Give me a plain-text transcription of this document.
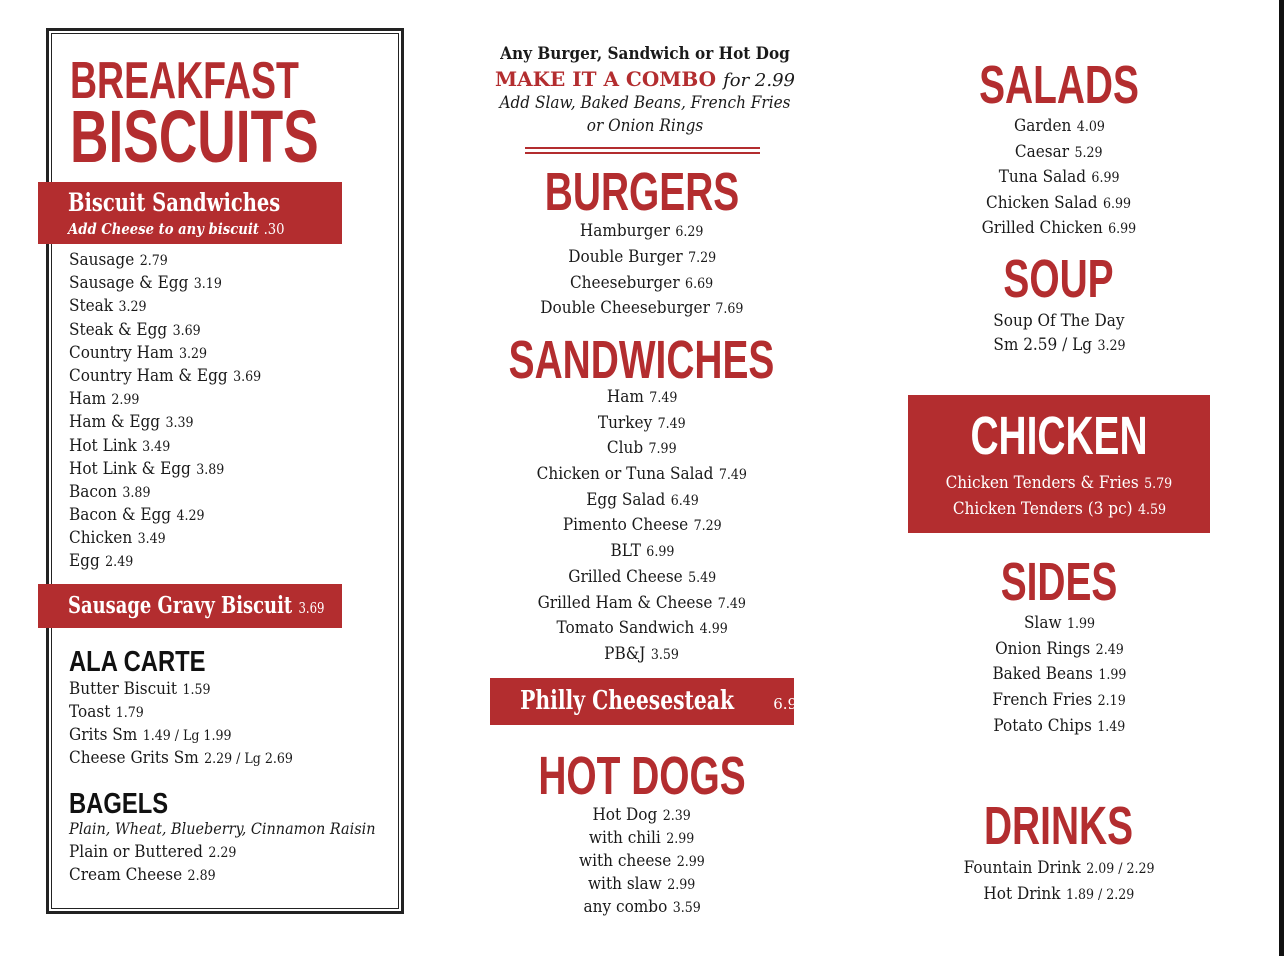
BREAKFAST
BISCUITS
Biscuit Sandwiches
Add Cheese to any biscuit .30
Sausage 2.79
Sausage & Egg 3.19
Steak 3.29
Steak & Egg 3.69
Country Ham 3.29
Country Ham & Egg 3.69
Ham 2.99
Ham & Egg 3.39
Hot Link 3.49
Hot Link & Egg 3.89
Bacon 3.89
Bacon & Egg 4.29
Chicken 3.49
Egg 2.49
Sausage Gravy Biscuit 3.69
ALA CARTE
Butter Biscuit 1.59
Toast 1.79
Grits Sm 1.49 / Lg 1.99
Cheese Grits Sm 2.29 / Lg 2.69
BAGELS
Plain, Wheat, Blueberry, Cinnamon Raisin
Plain or Buttered 2.29
Cream Cheese 2.89
Any Burger, Sandwich or Hot Dog
MAKE IT A COMBO for 2.99
Add Slaw, Baked Beans, French Fries
or Onion Rings
BURGERS
Hamburger 6.29
Double Burger 7.29
Cheeseburger 6.69
Double Cheeseburger 7.69
SANDWICHES
Ham 7.49
Turkey 7.49
Club 7.99
Chicken or Tuna Salad 7.49
Egg Salad 6.49
Pimento Cheese 7.29
BLT 6.99
Grilled Cheese 5.49
Grilled Ham & Cheese 7.49
Tomato Sandwich 4.99
PB&J 3.59
Philly Cheesesteak	6.99
HOT DOGS
Hot Dog 2.39
with chili 2.99
with cheese 2.99
with slaw 2.99
any combo 3.59
SALADS
Garden 4.09
Caesar 5.29
Tuna Salad 6.99
Chicken Salad 6.99
Grilled Chicken 6.99
SOUP
Soup Of The Day
Sm 2.59 / Lg 3.29
CHICKEN
Chicken Tenders & Fries 5.79
Chicken Tenders (3 pc) 4.59
SIDES
Slaw 1.99
Onion Rings 2.49
Baked Beans 1.99
French Fries 2.19
Potato Chips 1.49
DRINKS
Fountain Drink 2.09 / 2.29
Hot Drink 1.89 / 2.29
